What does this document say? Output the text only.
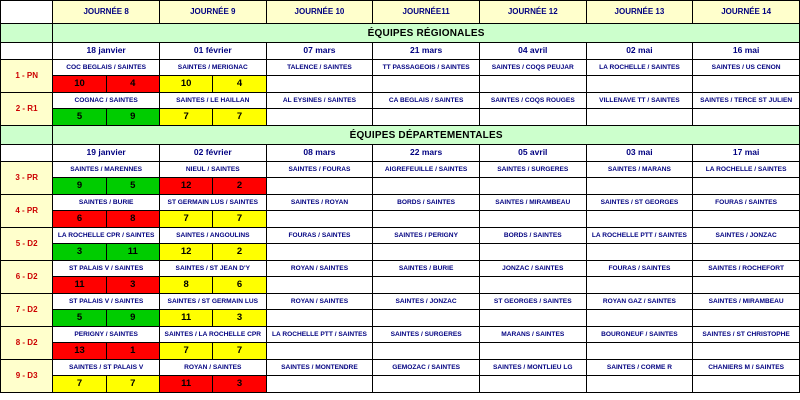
	JOURNÉE 8	JOURNÉE 9	JOURNÉE 10	JOURNÉE11	JOURNÉE 12	JOURNÉE 13	JOURNÉE 14
	ÉQUIPES RÉGIONALES						
	18 janvier	01 février	07 mars	21 mars	04 avril	02 mai	16 mai
1 - PN	COC BEGLAIS / SAINTES	SAINTES / MERIGNAC	TALENCE / SAINTES	TT PASSAGEOIS / SAINTES	SAINTES / COQS PEUJAR	LA ROCHELLE / SAINTES	SAINTES / US CENON

10 4	10 4					

2 - R1	COGNAC / SAINTES	SAINTES / LE HAILLAN	AL EYSINES / SAINTES	CA BEGLAIS / SAINTES	SAINTES / COQS ROUGES	VILLENAVE TT / SAINTES	SAINTES / TERCE ST JULIEN

5 9	7 7					

	ÉQUIPES DÉPARTEMENTALES						
	19 janvier	02 février	08 mars	22 mars	05 avril	03 mai	17 mai
3 - PR	SAINTES / MARENNES	NIEUL / SAINTES	SAINTES / FOURAS	AIGREFEUILLE / SAINTES	SAINTES / SURGERES	SAINTES / MARANS	LA ROCHELLE / SAINTES

9 5	12 2					

4 - PR	SAINTES / BURIE	ST GERMAIN LUS / SAINTES	SAINTES / ROYAN	BORDS / SAINTES	SAINTES / MIRAMBEAU	SAINTES / ST GEORGES	FOURAS / SAINTES

6 8	7 7					

5 - D2	LA ROCHELLE CPR / SAINTES	SAINTES / ANGOULINS	FOURAS / SAINTES	SAINTES / PERIGNY	BORDS / SAINTES	LA ROCHELLE PTT / SAINTES	SAINTES / JONZAC

3 11	12 2					

6 - D2	ST PALAIS V / SAINTES	SAINTES / ST JEAN D'Y	ROYAN / SAINTES	SAINTES / BURIE	JONZAC / SAINTES	FOURAS / SAINTES	SAINTES / ROCHEFORT

11 3	8 6					

7 - D2	ST PALAIS V / SAINTES	SAINTES / ST GERMAIN LUS	ROYAN / SAINTES	SAINTES / JONZAC	ST GEORGES / SAINTES	ROYAN GAZ / SAINTES	SAINTES / MIRAMBEAU

5 9	11 3					

8 - D2	PERIGNY / SAINTES	SAINTES / LA ROCHELLE CPR	LA ROCHELLE PTT / SAINTES	SAINTES / SURGERES	MARANS / SAINTES	BOURGNEUF / SAINTES	SAINTES / ST CHRISTOPHE

13 1	7 7					

9 - D3	SAINTES / ST PALAIS V	ROYAN / SAINTES	SAINTES / MONTENDRE	GEMOZAC / SAINTES	SAINTES / MONTLIEU LG	SAINTES / CORME R	CHANIERS M / SAINTES

7 7	11 3					
